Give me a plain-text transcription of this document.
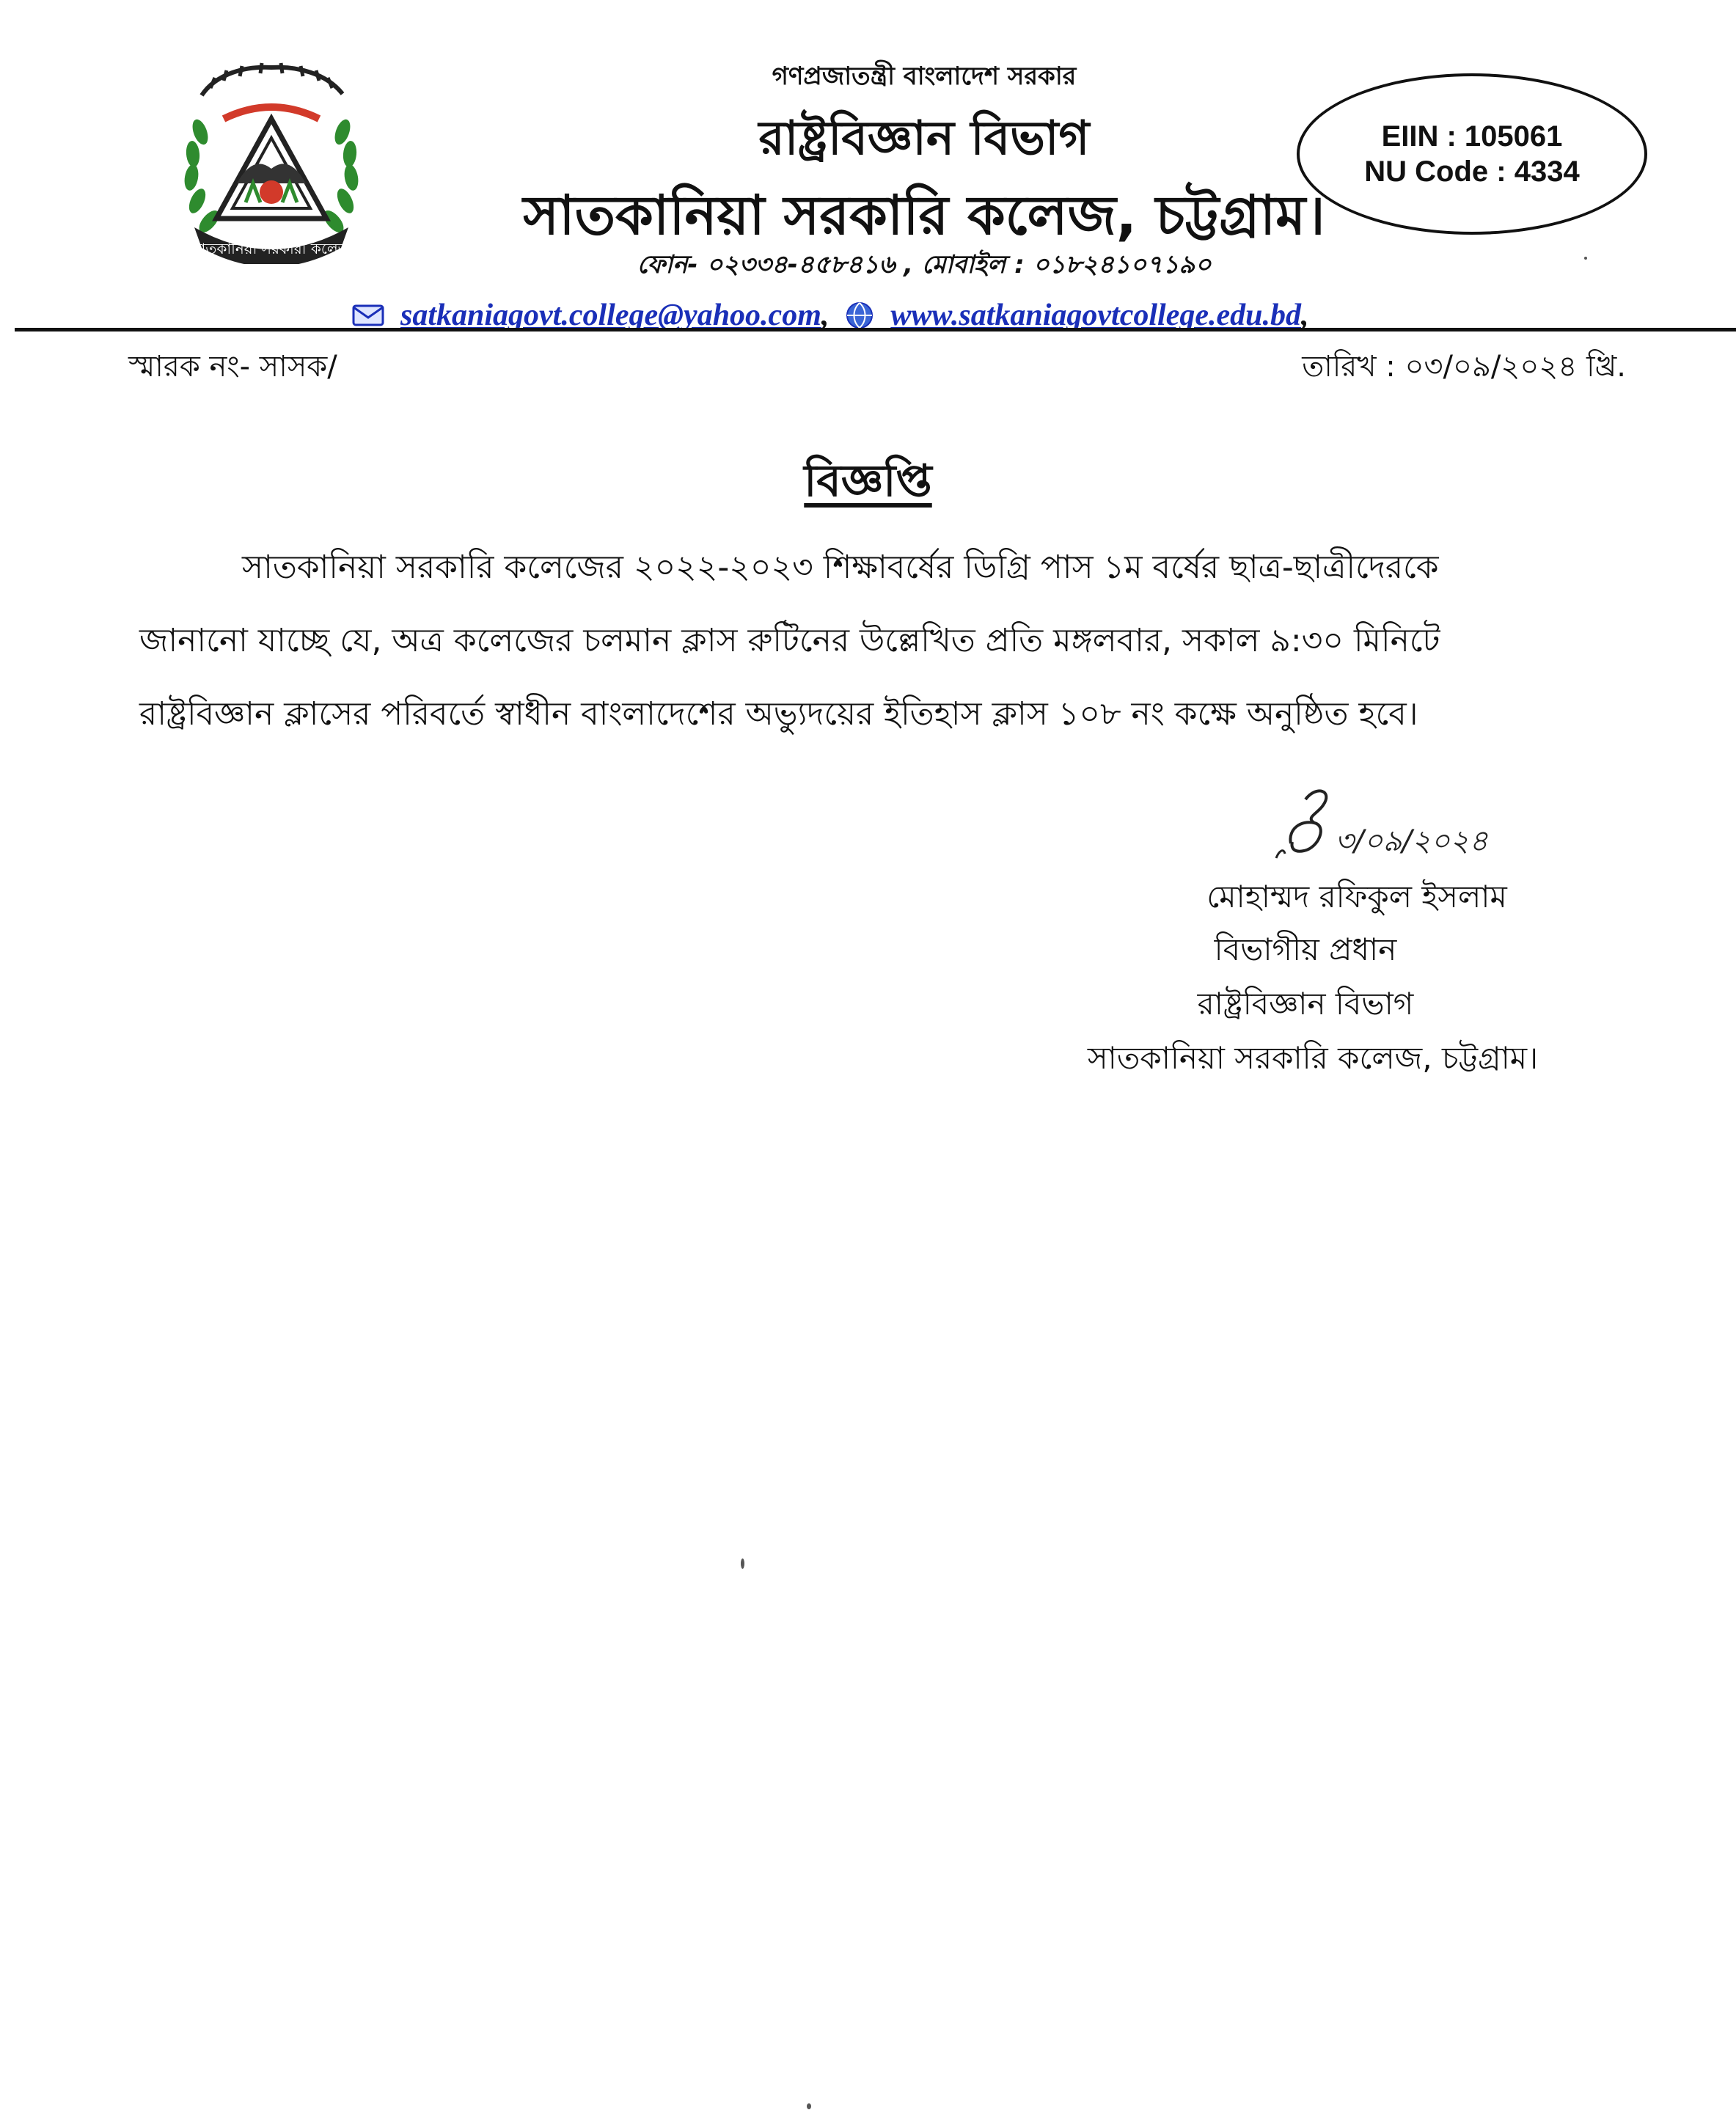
সাতকানিয়া সরকারী কলেজ
গণপ্রজাতন্ত্রী বাংলাদেশ সরকার
রাষ্ট্রবিজ্ঞান বিভাগ
সাতকানিয়া সরকারি কলেজ, চট্টগ্রাম।
ফোন- ০২৩৩৪-৪৫৮৪১৬ , মোবাইল : ০১৮২৪১০৭১৯০
EIIN : 105061
NU Code : 4334
satkaniagovt.college@yahoo.com, www.satkaniagovtcollege.edu.bd,
স্মারক নং- সাসক/	তারিখ : ০৩/০৯/২০২৪ খ্রি.
বিজ্ঞপ্তি
সাতকানিয়া সরকারি কলেজের ২০২২-২০২৩ শিক্ষাবর্ষের ডিগ্রি পাস ১ম বর্ষের ছাত্র-ছাত্রীদেরকে
জানানো যাচ্ছে যে, অত্র কলেজের চলমান ক্লাস রুটিনের উল্লেখিত প্রতি মঙ্গলবার, সকাল ৯:৩০ মিনিটে
রাষ্ট্রবিজ্ঞান ক্লাসের পরিবর্তে স্বাধীন বাংলাদেশের অভ্যুদয়ের ইতিহাস ক্লাস ১০৮ নং কক্ষে অনুষ্ঠিত হবে।
৩/০৯/২০২৪
মোহাম্মদ রফিকুল ইসলাম
বিভাগীয় প্রধান
রাষ্ট্রবিজ্ঞান বিভাগ
সাতকানিয়া সরকারি কলেজ, চট্টগ্রাম।
